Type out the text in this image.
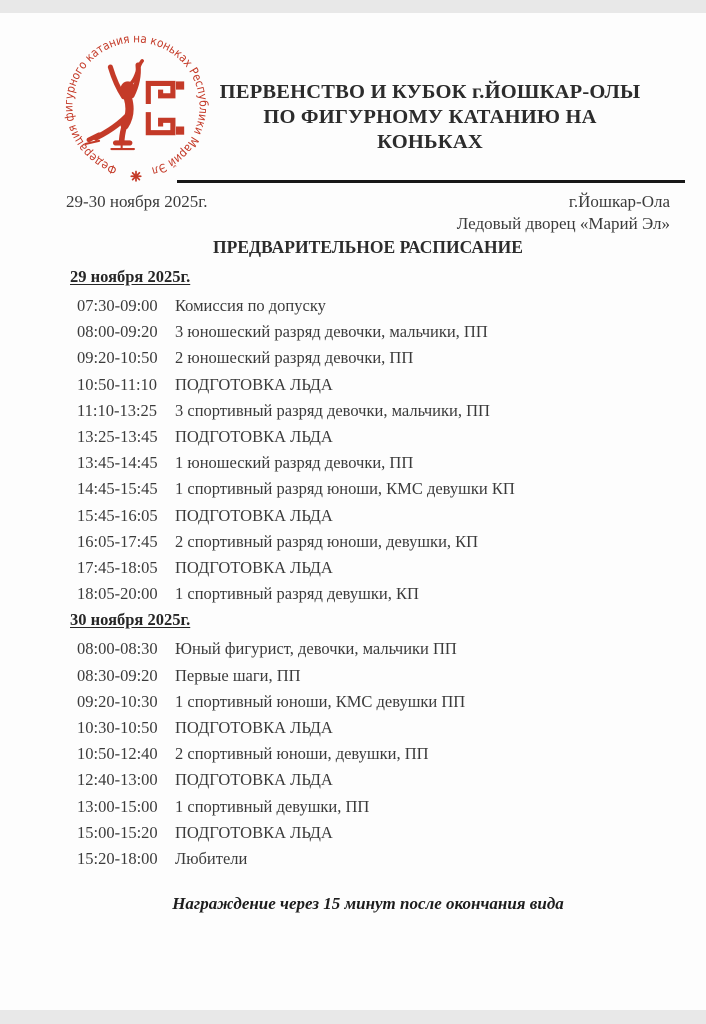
Федерация фигурного катания на коньках Республики Марий Эл
ПЕРВЕНСТВО И КУБОК г.ЙОШКАР-ОЛЫ
ПО ФИГУРНОМУ КАТАНИЮ НА КОНЬКАХ
29-30 ноября 2025г.	г.Йошкар-Ола
Ледовый дворец «Марий Эл»
ПРЕДВАРИТЕЛЬНОЕ РАСПИСАНИЕ
29 ноября 2025г.
07:30-09:00	Комиссия по допуску
08:00-09:20	3 юношеский разряд девочки, мальчики, ПП
09:20-10:50	2 юношеский разряд девочки, ПП
10:50-11:10	ПОДГОТОВКА ЛЬДА
11:10-13:25	3 спортивный разряд девочки, мальчики, ПП
13:25-13:45	ПОДГОТОВКА ЛЬДА
13:45-14:45	1 юношеский разряд девочки, ПП
14:45-15:45	1 спортивный разряд юноши, КМС девушки КП
15:45-16:05	ПОДГОТОВКА ЛЬДА
16:05-17:45	2 спортивный разряд юноши, девушки, КП
17:45-18:05	ПОДГОТОВКА ЛЬДА
18:05-20:00	1 спортивный разряд девушки, КП
30 ноября 2025г.
08:00-08:30	Юный фигурист, девочки, мальчики ПП
08:30-09:20	Первые шаги, ПП
09:20-10:30	1 спортивный юноши, КМС девушки ПП
10:30-10:50	ПОДГОТОВКА ЛЬДА
10:50-12:40	2 спортивный юноши, девушки, ПП
12:40-13:00	ПОДГОТОВКА ЛЬДА
13:00-15:00	1 спортивный девушки, ПП
15:00-15:20	ПОДГОТОВКА ЛЬДА
15:20-18:00	Любители

Награждение через 15 минут после окончания вида
